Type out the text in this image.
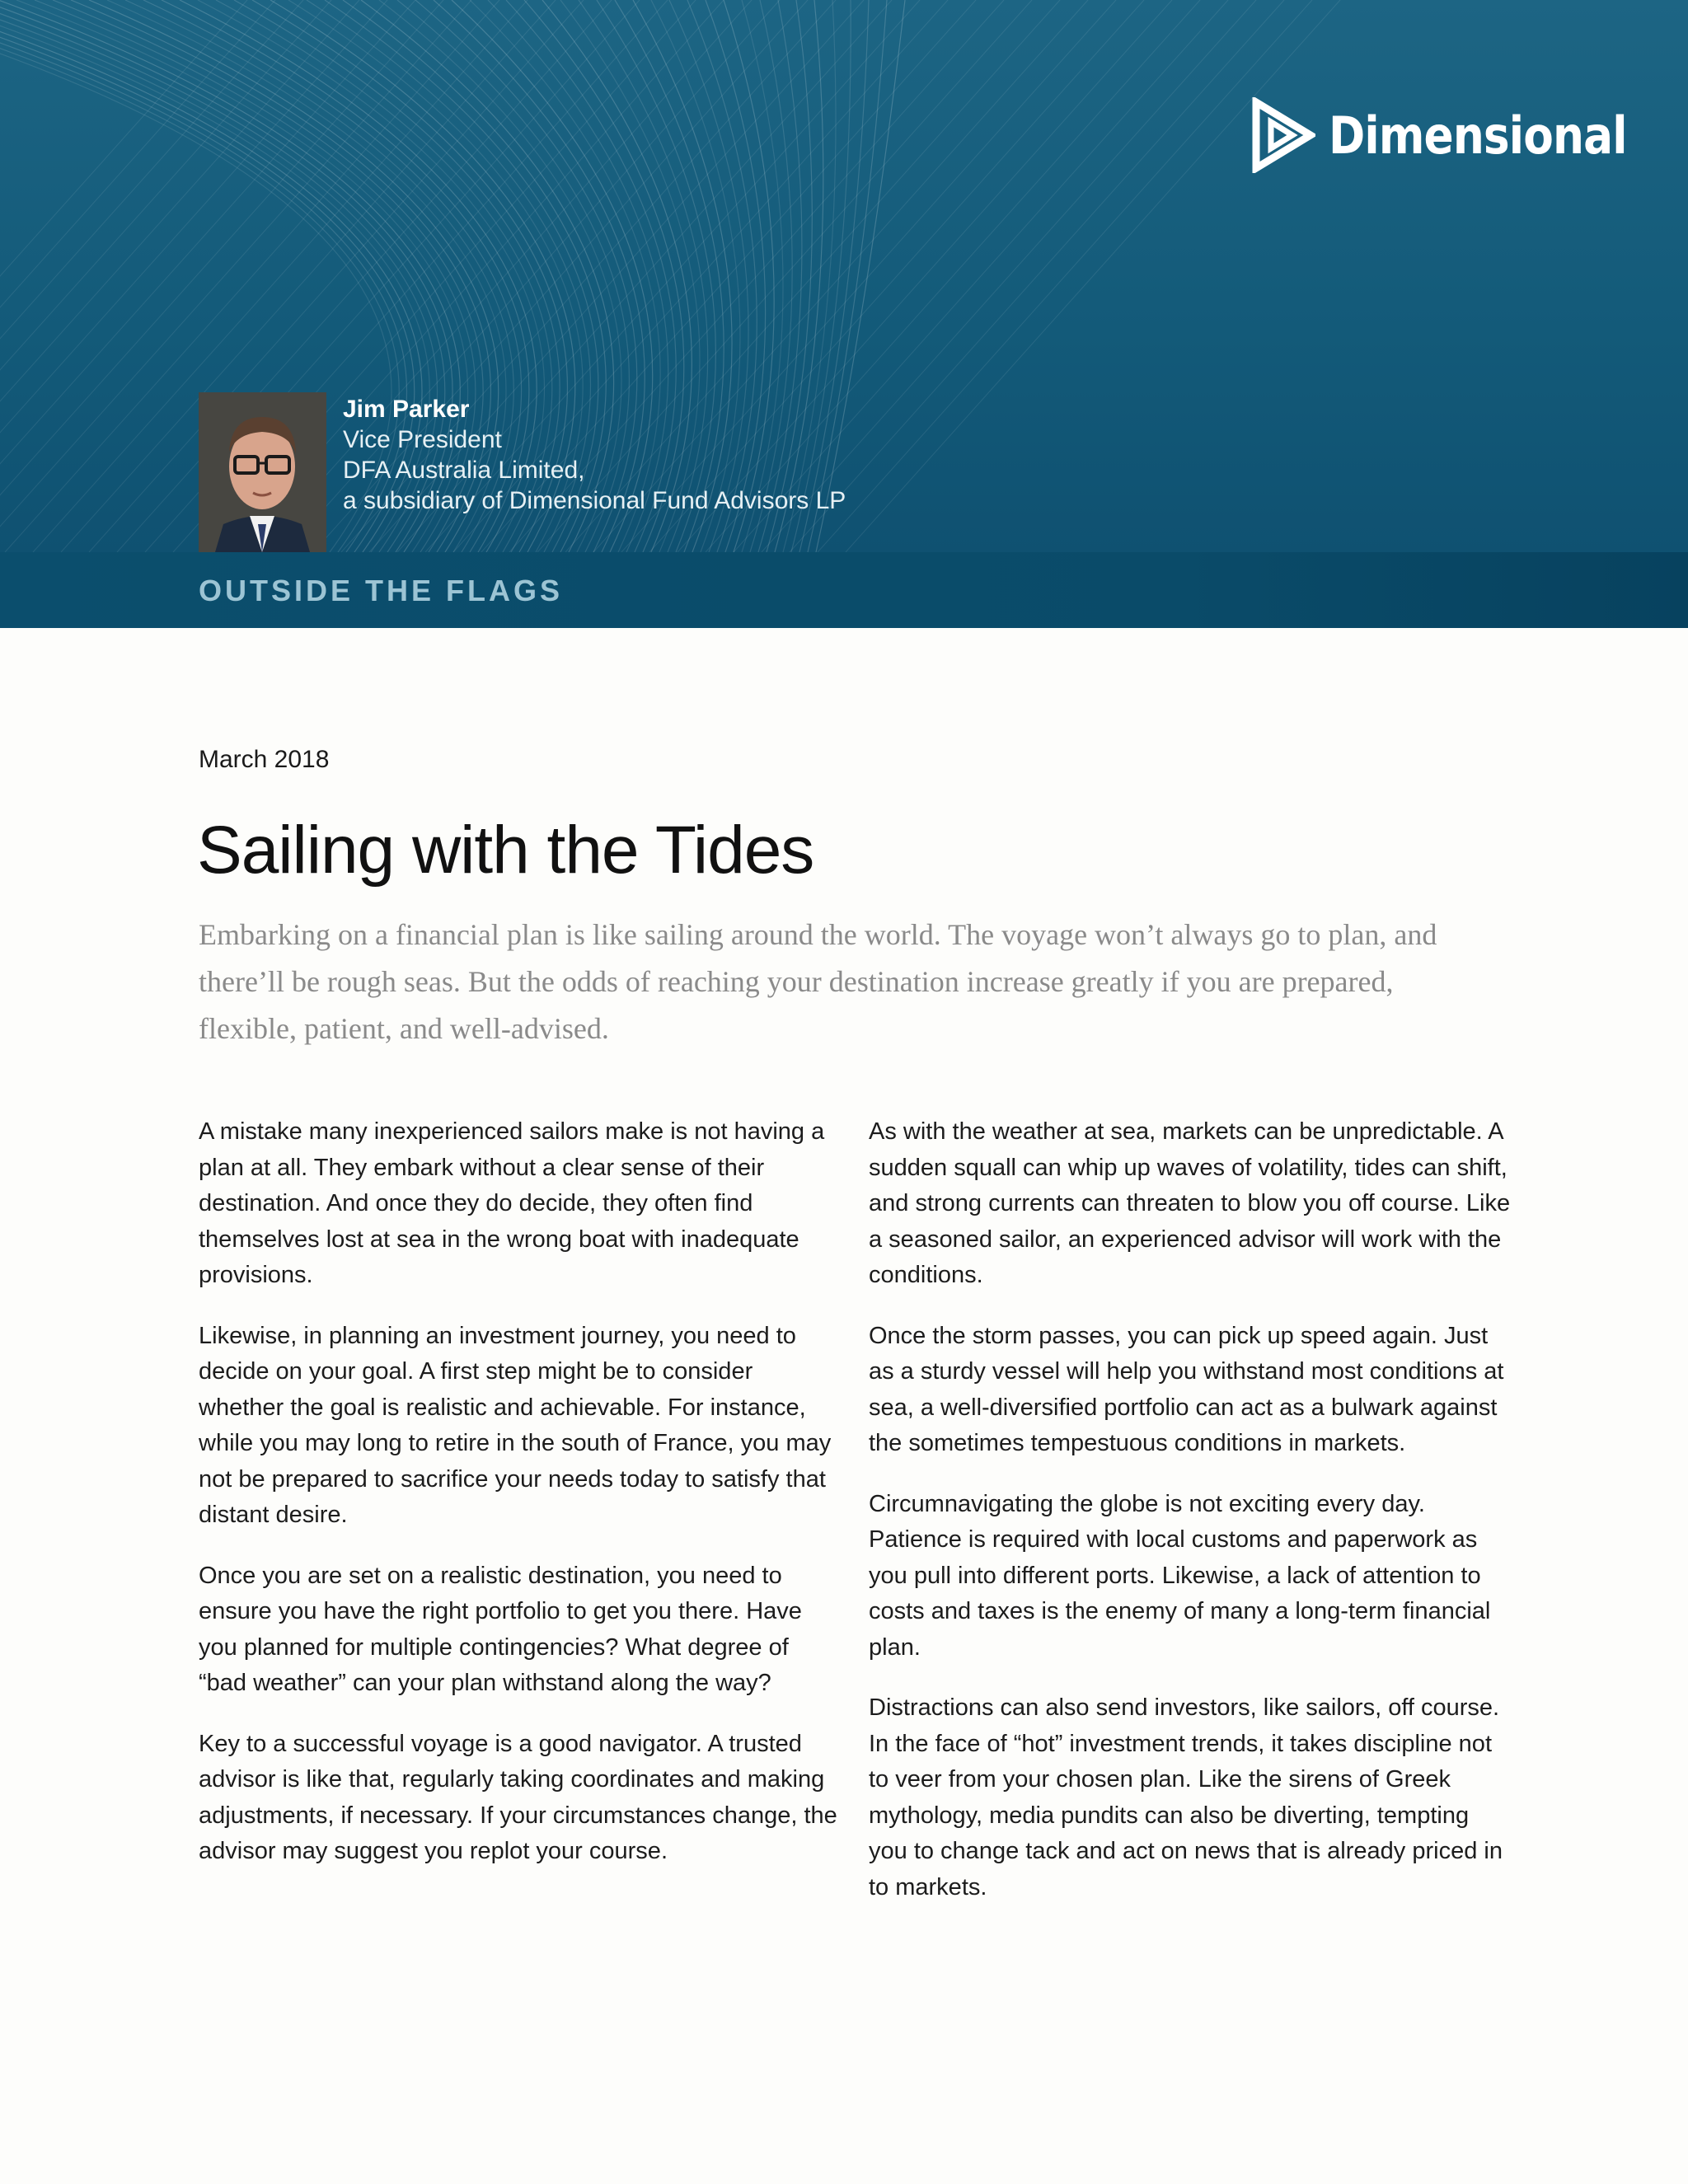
Dimensional
Jim Parker
Vice President
DFA Australia Limited,
a subsidiary of Dimensional Fund Advisors LP
OUTSIDE THE FLAGS
March 2018
Sailing with the Tides

Embarking on a financial plan is like sailing around the world. The voyage won’t always go to plan, and there’ll be rough seas. But the odds of reaching your destination increase greatly if you are prepared, flexible, patient, and well-advised.

A mistake many inexperienced sailors make is not having a plan at all. They embark without a clear sense of their destination. And once they do decide, they often find themselves lost at sea in the wrong boat with inadequate provisions.

Likewise, in planning an investment journey, you need to decide on your goal. A first step might be to consider whether the goal is realistic and achievable. For instance, while you may long to retire in the south of France, you may not be prepared to sacrifice your needs today to satisfy that distant desire.

Once you are set on a realistic destination, you need to ensure you have the right portfolio to get you there. Have you planned for multiple contingencies? What degree of “bad weather” can your plan withstand along the way?

Key to a successful voyage is a good navigator. A trusted advisor is like that, regularly taking coordinates and making adjustments, if necessary. If your circumstances change, the advisor may suggest you replot your course.

As with the weather at sea, markets can be unpredictable. A sudden squall can whip up waves of volatility, tides can shift, and strong currents can threaten to blow you off course. Like a seasoned sailor, an experienced advisor will work with the conditions.

Once the storm passes, you can pick up speed again. Just as a sturdy vessel will help you withstand most conditions at sea, a well-diversified portfolio can act as a bulwark against the sometimes tempestuous conditions in markets.

Circumnavigating the globe is not exciting every day. Patience is required with local customs and paperwork as you pull into different ports. Likewise, a lack of attention to costs and taxes is the enemy of many a long-term financial plan.

Distractions can also send investors, like sailors, off course. In the face of “hot” investment trends, it takes discipline not to veer from your chosen plan. Like the sirens of Greek mythology, media pundits can also be diverting, tempting you to change tack and act on news that is already priced in to markets.
